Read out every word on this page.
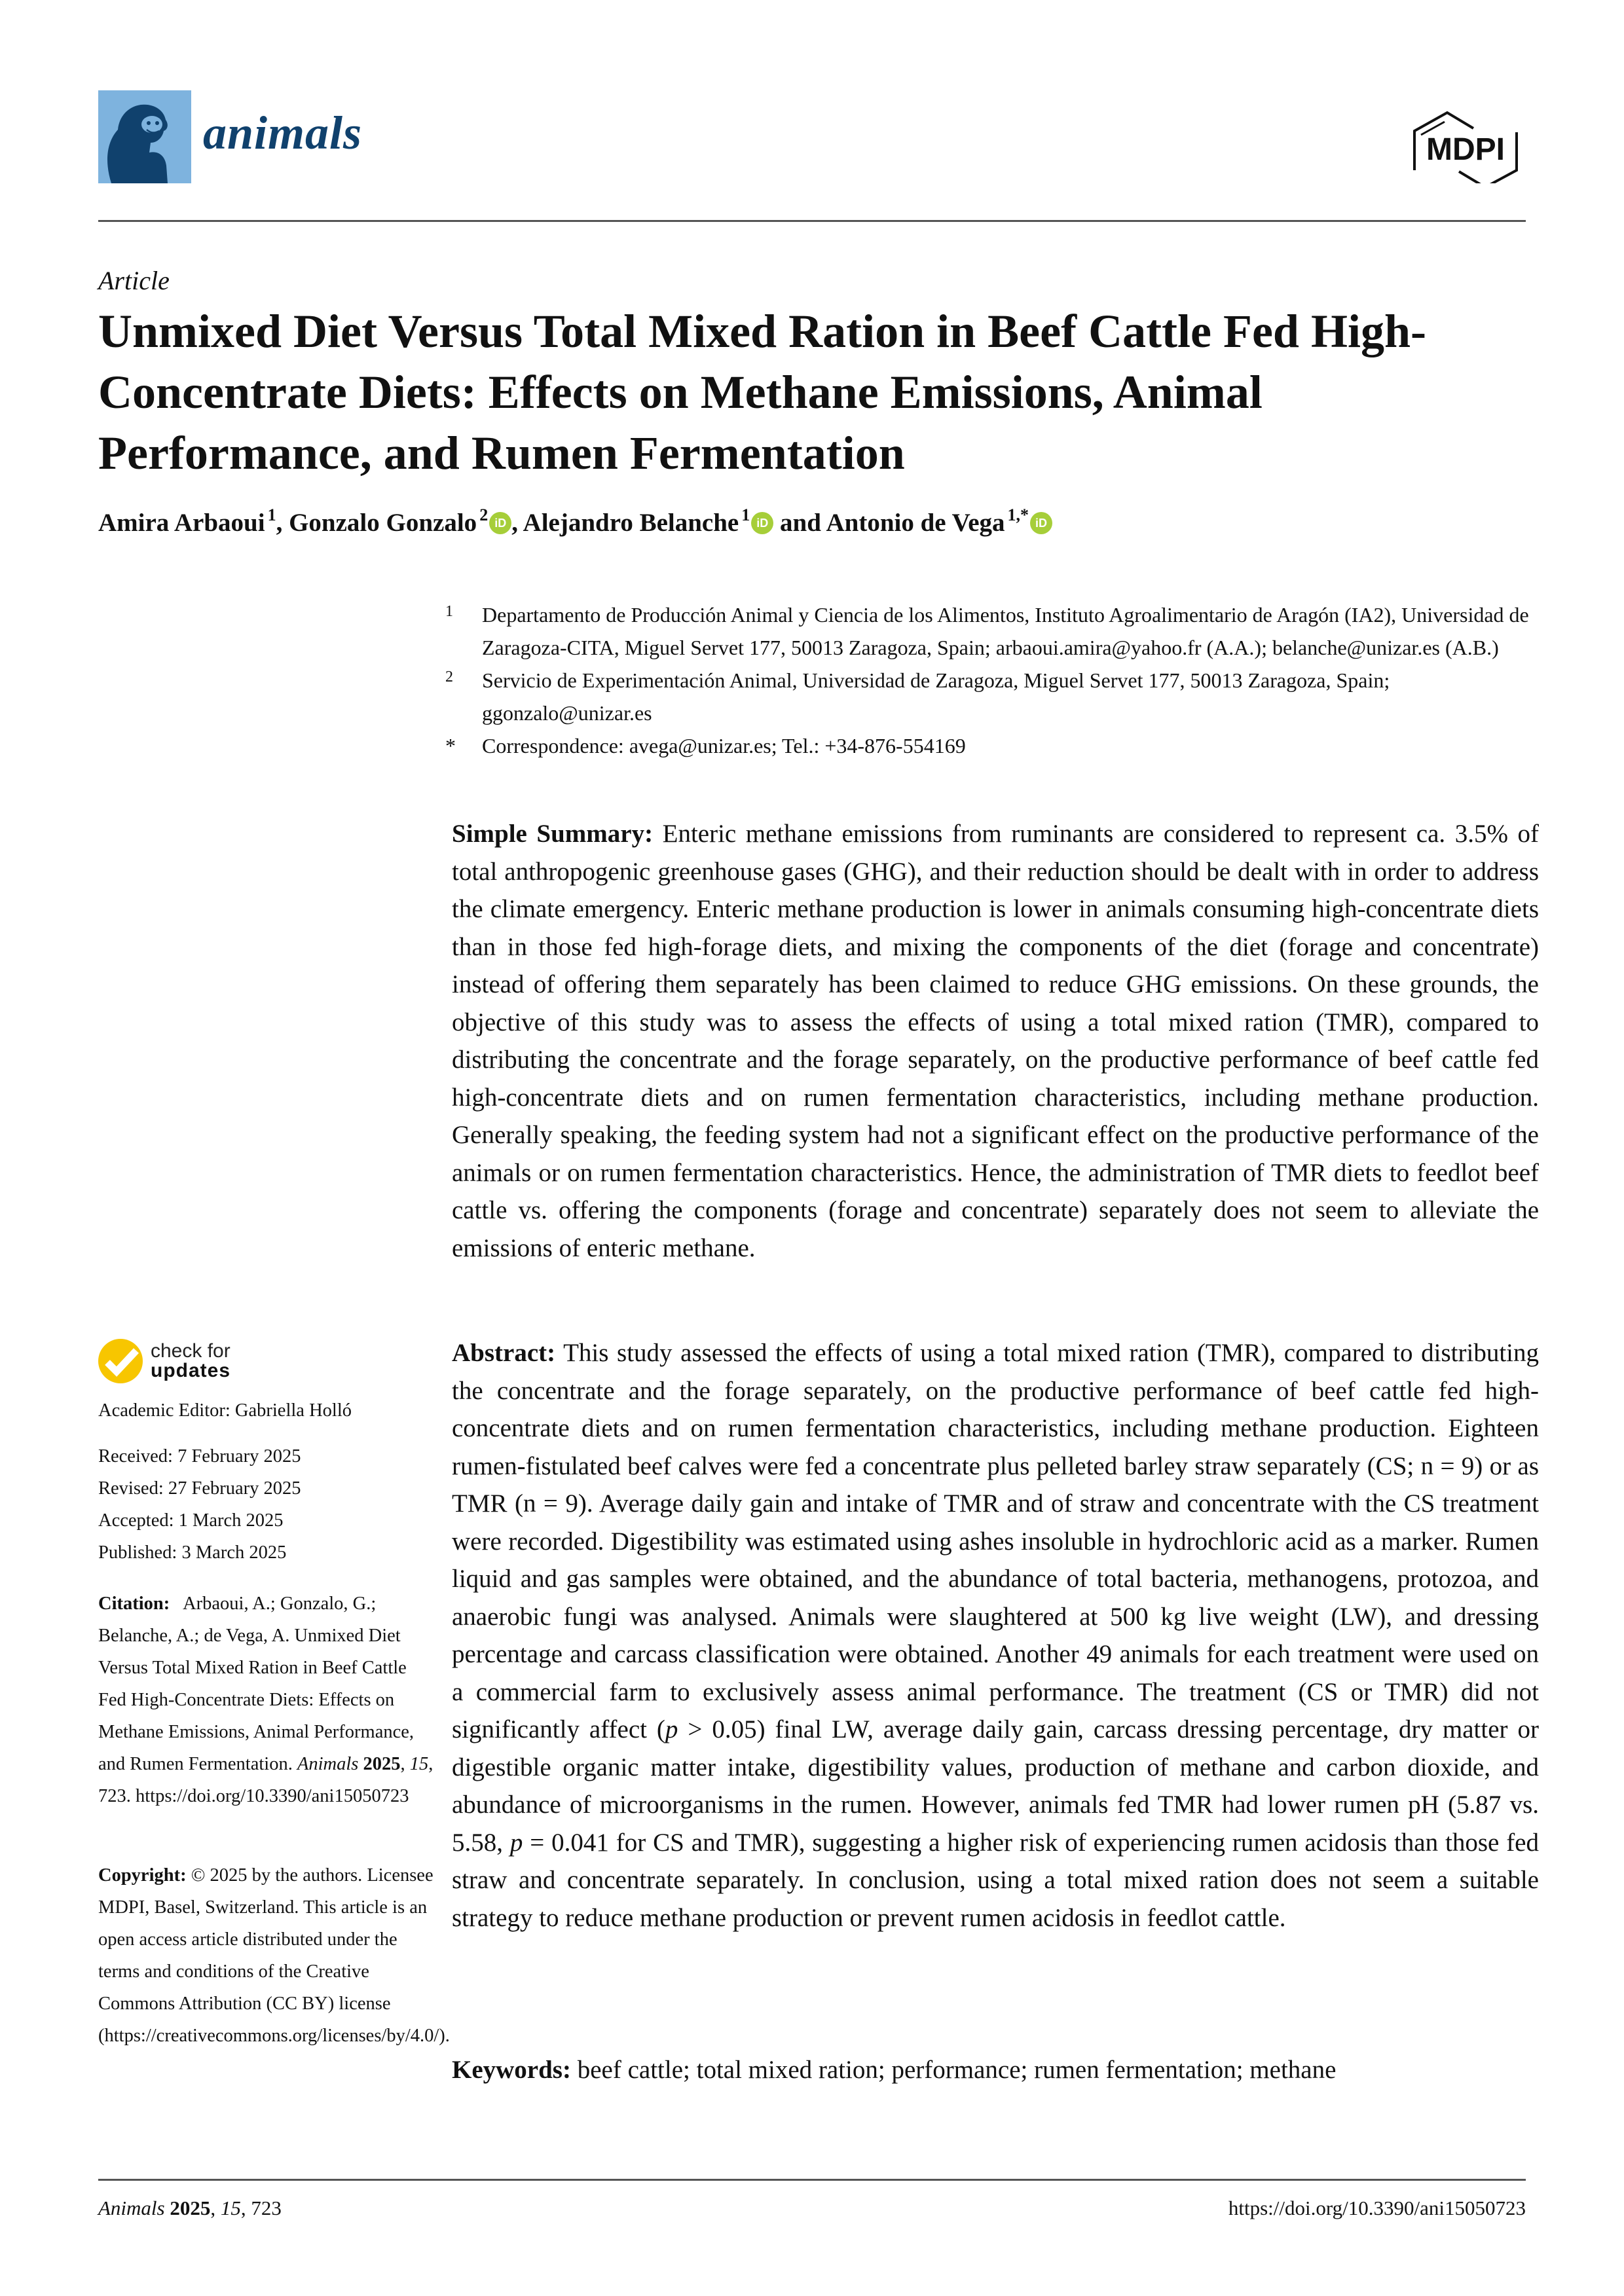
animals	MDPI
Article
Unmixed Diet Versus Total Mixed Ration in Beef Cattle Fed High-Concentrate Diets: Effects on Methane Emissions, Animal Performance, and Rumen Fermentation
Amira Arbaoui $^1$, Gonzalo Gonzalo $^2$ iD , Alejandro Belanche $^1$ iD and Antonio de Vega $^{1,*}$ iD
1	Departamento de Producción Animal y Ciencia de los Alimentos, Instituto Agroalimentario de Aragón (IA2), Universidad de Zaragoza-CITA, Miguel Servet 177, 50013 Zaragoza, Spain; arbaoui.amira@yahoo.fr (A.A.); belanche@unizar.es (A.B.)
2	Servicio de Experimentación Animal, Universidad de Zaragoza, Miguel Servet 177, 50013 Zaragoza, Spain; ggonzalo@unizar.es
*	Correspondence: avega@unizar.es; Tel.: +34-876-554169
Simple Summary: Enteric methane emissions from ruminants are considered to represent ca. 3.5% of total anthropogenic greenhouse gases (GHG), and their reduction should be dealt with in order to address the climate emergency. Enteric methane production is lower in animals consuming high-concentrate diets than in those fed high-forage diets, and mixing the components of the diet (forage and concentrate) instead of offering them separately has been claimed to reduce GHG emissions. On these grounds, the objective of this study was to assess the effects of using a total mixed ration (TMR), compared to distributing the concentrate and the forage separately, on the productive performance of beef cattle fed high-concentrate diets and on rumen fermentation characteristics, including methane production. Generally speaking, the feeding system had not a significant effect on the productive performance of the animals or on rumen fermentation characteristics. Hence, the administration of TMR diets to feedlot beef cattle vs. offering the components (forage and concentrate) separately does not seem to alleviate the emissions of enteric methane.
Abstract: This study assessed the effects of using a total mixed ration (TMR), compared to distributing the concentrate and the forage separately, on the productive performance of beef cattle fed high-concentrate diets and on rumen fermentation characteristics, including methane production. Eighteen rumen-fistulated beef calves were fed a concentrate plus pelleted barley straw separately (CS; n = 9) or as TMR (n = 9). Average daily gain and intake of TMR and of straw and concentrate with the CS treatment were recorded. Digestibility was estimated using ashes insoluble in hydrochloric acid as a marker. Rumen liquid and gas samples were obtained, and the abundance of total bacteria, methanogens, protozoa, and anaerobic fungi was analysed. Animals were slaughtered at 500 kg live weight (LW), and dressing percentage and carcass classification were obtained. Another 49 animals for each treatment were used on a commercial farm to exclusively assess animal performance. The treatment (CS or TMR) did not significantly affect (p > 0.05) final LW, average daily gain, carcass dressing percentage, dry matter or digestible organic matter intake, digestibility values, production of methane and carbon dioxide, and abundance of microorganisms in the rumen. However, animals fed TMR had lower rumen pH (5.87 vs. 5.58, p = 0.041 for CS and TMR), suggesting a higher risk of experiencing rumen acidosis than those fed straw and concentrate separately. In conclusion, using a total mixed ration does not seem a suitable strategy to reduce methane production or prevent rumen acidosis in feedlot cattle.
Keywords: beef cattle; total mixed ration; performance; rumen fermentation; methane
check for
updates
Academic Editor: Gabriella Holló
Received: 7 February 2025
Revised: 27 February 2025
Accepted: 1 March 2025
Published: 3 March 2025
Citation: Arbaoui, A.; Gonzalo, G.; Belanche, A.; de Vega, A. Unmixed Diet Versus Total Mixed Ration in Beef Cattle Fed High-Concentrate Diets: Effects on Methane Emissions, Animal Performance, and Rumen Fermentation. Animals 2025, 15, 723. https://doi.org/10.3390/ani15050723
Copyright: © 2025 by the authors. Licensee MDPI, Basel, Switzerland. This article is an open access article distributed under the terms and conditions of the Creative Commons Attribution (CC BY) license (https://creativecommons.org/licenses/by/4.0/).
Animals 2025, 15, 723	https://doi.org/10.3390/ani15050723
